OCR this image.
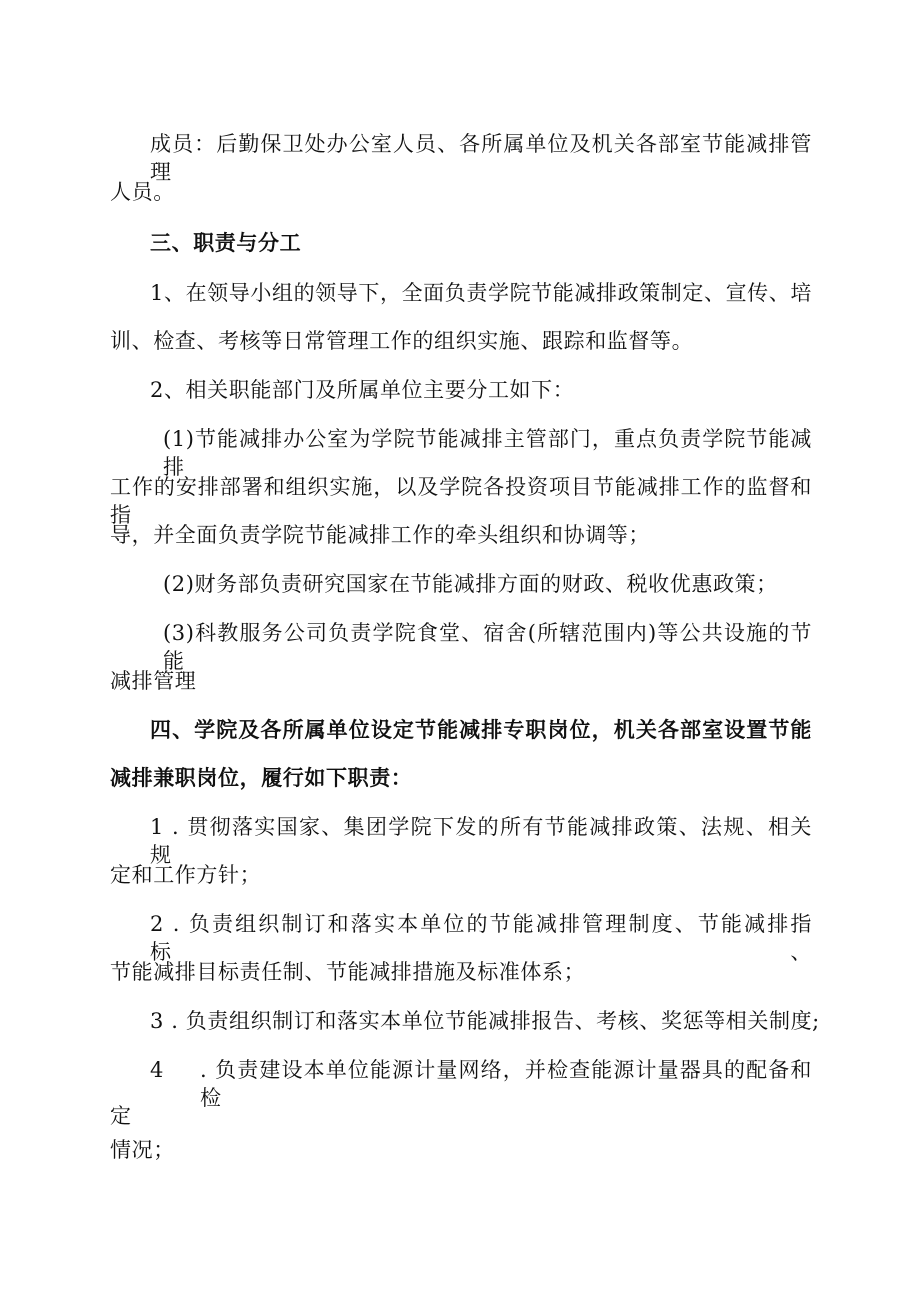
成员：后勤保卫处办公室人员、各所属单位及机关各部室节能减排管理
人员。
三、职责与分工
1、在领导小组的领导下，全面负责学院节能减排政策制定、宣传、培
训、检查、考核等日常管理工作的组织实施、跟踪和监督等。
2、相关职能部门及所属单位主要分工如下：
(1)节能减排办公室为学院节能减排主管部门，重点负责学院节能减排
工作的安排部署和组织实施，以及学院各投资项目节能减排工作的监督和指
导，并全面负责学院节能减排工作的牵头组织和协调等；
(2)财务部负责研究国家在节能减排方面的财政、税收优惠政策；
(3)科教服务公司负责学院食堂、宿舍(所辖范围内)等公共设施的节能
减排管理
四、学院及各所属单位设定节能减排专职岗位，机关各部室设置节能
减排兼职岗位，履行如下职责：
1 . 贯彻落实国家、集团学院下发的所有节能减排政策、法规、相关规
定和工作方针；
2 . 负责组织制订和落实本单位的节能减排管理制度、节能减排指标、
节能减排目标责任制、节能减排措施及标准体系；
3 . 负责组织制订和落实本单位节能减排报告、考核、奖惩等相关制度;
4 . 负责建设本单位能源计量网络，并检查能源计量器具的配备和检
定
情况；
